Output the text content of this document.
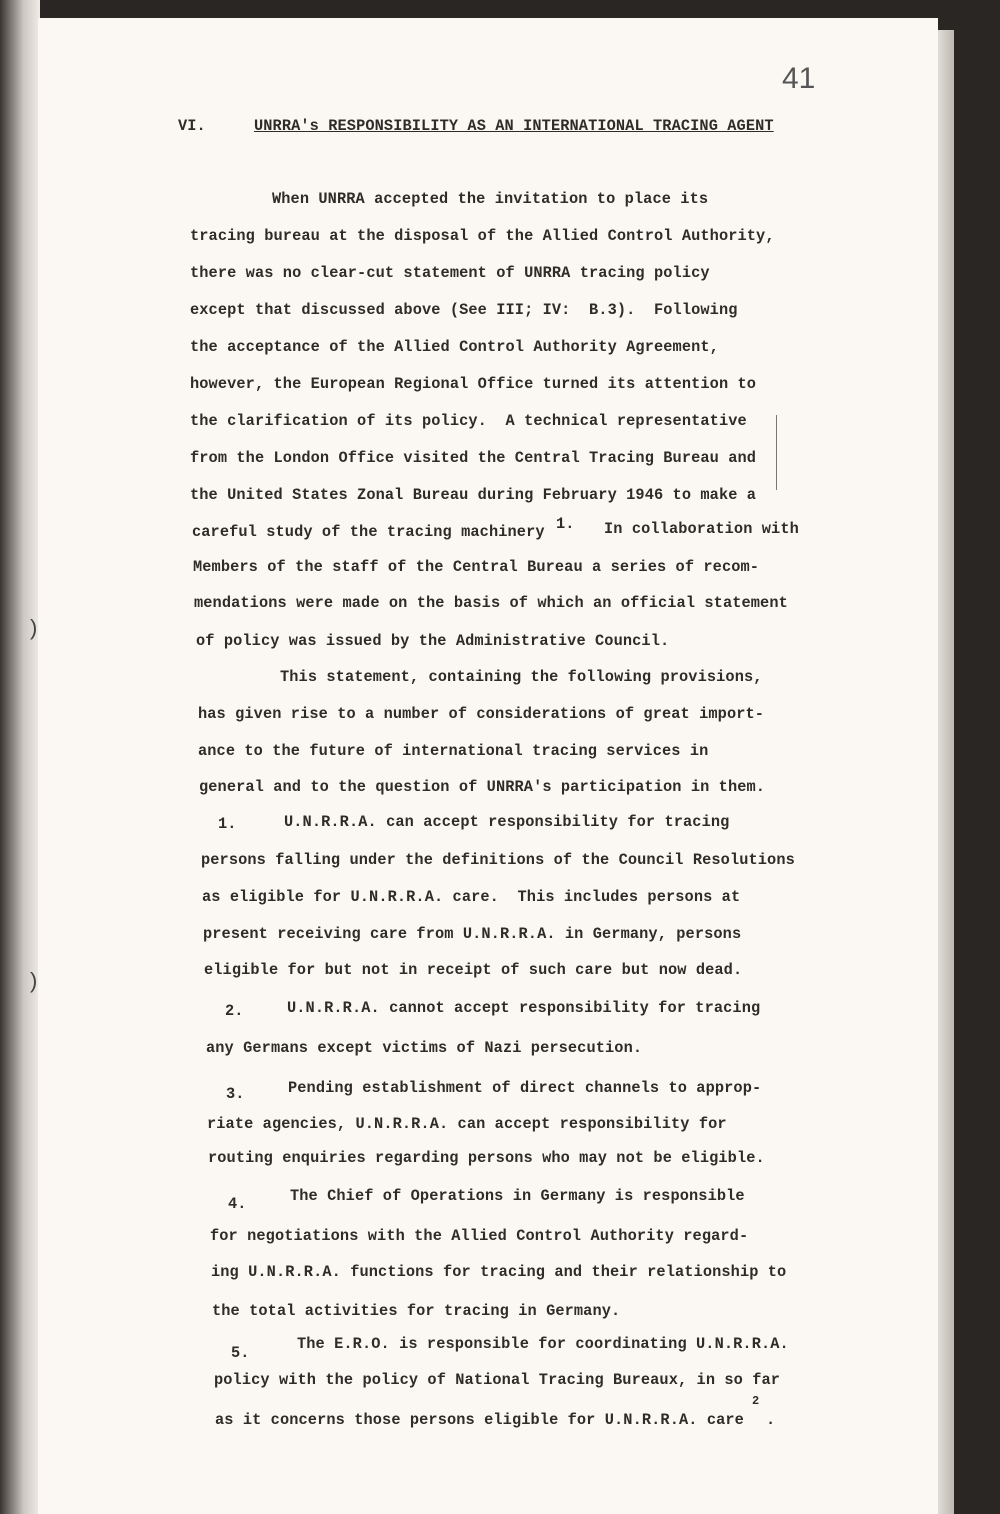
)
)
41
VI.	UNRRA's RESPONSIBILITY AS AN INTERNATIONAL TRACING AGENT
When UNRRA accepted the invitation to place its
tracing bureau at the disposal of the Allied Control Authority,
there was no clear-cut statement of UNRRA tracing policy
except that discussed above (See III; IV:  B.3).  Following
the acceptance of the Allied Control Authority Agreement,
however, the European Regional Office turned its attention to
the clarification of its policy.  A technical representative
from the London Office visited the Central Tracing Bureau and
the United States Zonal Bureau during February 1946 to make a
careful study of the tracing machinery 1. In collaboration with
Members of the staff of the Central Bureau a series of recom-
mendations were made on the basis of which an official statement
of policy was issued by the Administrative Council.
This statement, containing the following provisions,
has given rise to a number of considerations of great import-
ance to the future of international tracing services in
general and to the question of UNRRA's participation in them.
1.	U.N.R.R.A. can accept responsibility for tracing
persons falling under the definitions of the Council Resolutions
as eligible for U.N.R.R.A. care.  This includes persons at
present receiving care from U.N.R.R.A. in Germany, persons
eligible for but not in receipt of such care but now dead.
2.	U.N.R.R.A. cannot accept responsibility for tracing
any Germans except victims of Nazi persecution.
3.	Pending establishment of direct channels to approp-
riate agencies, U.N.R.R.A. can accept responsibility for
routing enquiries regarding persons who may not be eligible.
4.	The Chief of Operations in Germany is responsible
for negotiations with the Allied Control Authority regard-
ing U.N.R.R.A. functions for tracing and their relationship to
the total activities for tracing in Germany.
5.	The E.R.O. is responsible for coordinating U.N.R.R.A.
policy with the policy of National Tracing Bureaux, in so far
as it concerns those persons eligible for U.N.R.R.A. care
2
.
